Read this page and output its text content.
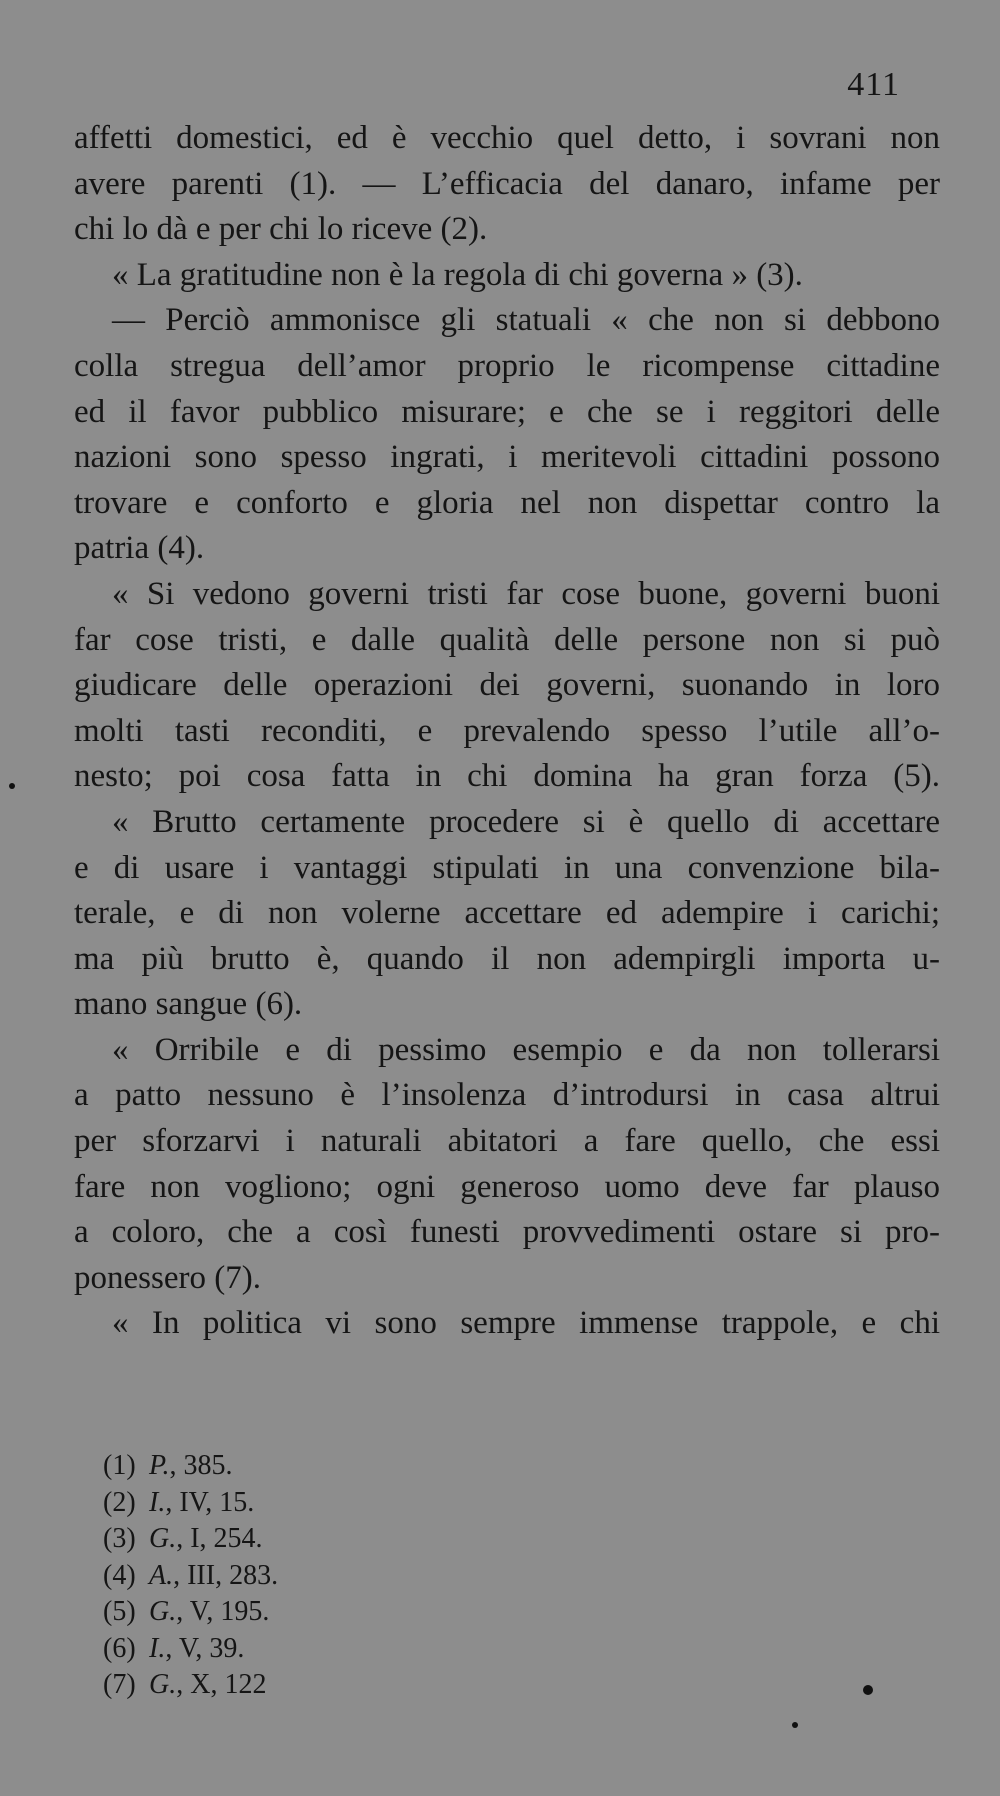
411
affetti domestici, ed è vecchio quel detto, i sovrani non
avere parenti (1). — L’efficacia del danaro, infame per
chi lo dà e per chi lo riceve (2).
« La gratitudine non è la regola di chi governa » (3).
— Perciò ammonisce gli statuali « che non si debbono
colla stregua dell’amor proprio le ricompense cittadine
ed il favor pubblico misurare; e che se i reggitori delle
nazioni sono spesso ingrati, i meritevoli cittadini possono
trovare e conforto e gloria nel non dispettar contro la
patria (4).
« Si vedono governi tristi far cose buone, governi buoni
far cose tristi, e dalle qualità delle persone non si può
giudicare delle operazioni dei governi, suonando in loro
molti tasti reconditi, e prevalendo spesso l’utile all’o-
nesto; poi cosa fatta in chi domina ha gran forza (5).
« Brutto certamente procedere si è quello di accettare
e di usare i vantaggi stipulati in una convenzione bila-
terale, e di non volerne accettare ed adempire i carichi;
ma più brutto è, quando il non adempirgli importa u-
mano sangue (6).
« Orribile e di pessimo esempio e da non tollerarsi
a patto nessuno è l’insolenza d’introdursi in casa altrui
per sforzarvi i naturali abitatori a fare quello, che essi
fare non vogliono; ogni generoso uomo deve far plauso
a coloro, che a così funesti provvedimenti ostare si pro-
ponessero (7).
« In politica vi sono sempre immense trappole, e chi
(1) P., 385.
(2) I., IV, 15.
(3) G., I, 254.
(4) A., III, 283.
(5) G., V, 195.
(6) I., V, 39.
(7) G., X, 122
